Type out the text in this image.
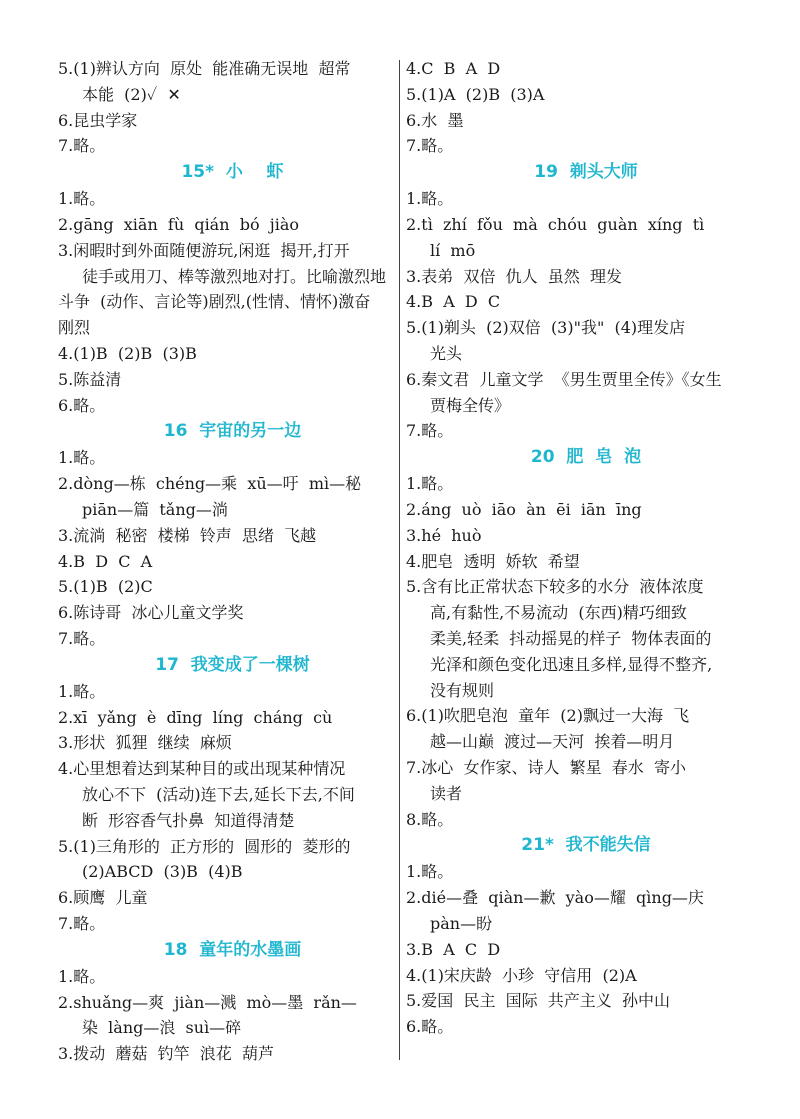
5.(1)辨认方向  原处  能准确无误地  超常
本能  (2)✓  ✕
6.昆虫学家
7.略。
15*  小    虾
1.略。
2.gāng  xiān  fù  qián  bó  jiào
3.闲暇时到外面随便游玩,闲逛  揭开,打开
徒手或用刀、棒等激烈地对打。比喻激烈地
斗争  (动作、言论等)剧烈,(性情、情怀)激奋
刚烈
4.(1)B  (2)B  (3)B
5.陈益清
6.略。
16  宇宙的另一边
1.略。
2.dòng—栋  chéng—乘  xū—吁  mì—秘
piān—篇  tǎng—淌
3.流淌  秘密  楼梯  铃声  思绪  飞越
4.B  D  C  A
5.(1)B  (2)C
6.陈诗哥  冰心儿童文学奖
7.略。
17  我变成了一棵树
1.略。
2.xī  yǎng  è  dīng  líng  cháng  cù
3.形状  狐狸  继续  麻烦
4.心里想着达到某种目的或出现某种情况
放心不下  (活动)连下去,延长下去,不间
断  形容香气扑鼻  知道得清楚
5.(1)三角形的  正方形的  圆形的  菱形的
(2)ABCD  (3)B  (4)B
6.顾鹰  儿童
7.略。
18  童年的水墨画
1.略。
2.shuǎng—爽  jiàn—溅  mò—墨  rǎn—
染  làng—浪  suì—碎
3.拨动  蘑菇  钓竿  浪花  葫芦
4.C  B  A  D
5.(1)A  (2)B  (3)A
6.水  墨
7.略。
19  剃头大师
1.略。
2.tì  zhí  fǒu  mà  chóu  guàn  xíng  tì
lí  mō
3.表弟  双倍  仇人  虽然  理发
4.B  A  D  C
5.(1)剃头  (2)双倍  (3)"我"  (4)理发店
光头
6.秦文君  儿童文学  《男生贾里全传》《女生
贾梅全传》
7.略。
20  肥  皂  泡
1.略。
2.áng  uò  iāo  àn  ēi  iān  īng
3.hé  huò
4.肥皂  透明  娇软  希望
5.含有比正常状态下较多的水分  液体浓度
高,有黏性,不易流动  (东西)精巧细致
柔美,轻柔  抖动摇晃的样子  物体表面的
光泽和颜色变化迅速且多样,显得不整齐,
没有规则
6.(1)吹肥皂泡  童年  (2)飘过一大海  飞
越—山巅  渡过—天河  挨着—明月
7.冰心  女作家、诗人  繁星  春水  寄小
读者
8.略。
21*  我不能失信
1.略。
2.dié—叠  qiàn—歉  yào—耀  qìng—庆
pàn—盼
3.B  A  C  D
4.(1)宋庆龄  小珍  守信用  (2)A
5.爱国  民主  国际  共产主义  孙中山
6.略。
